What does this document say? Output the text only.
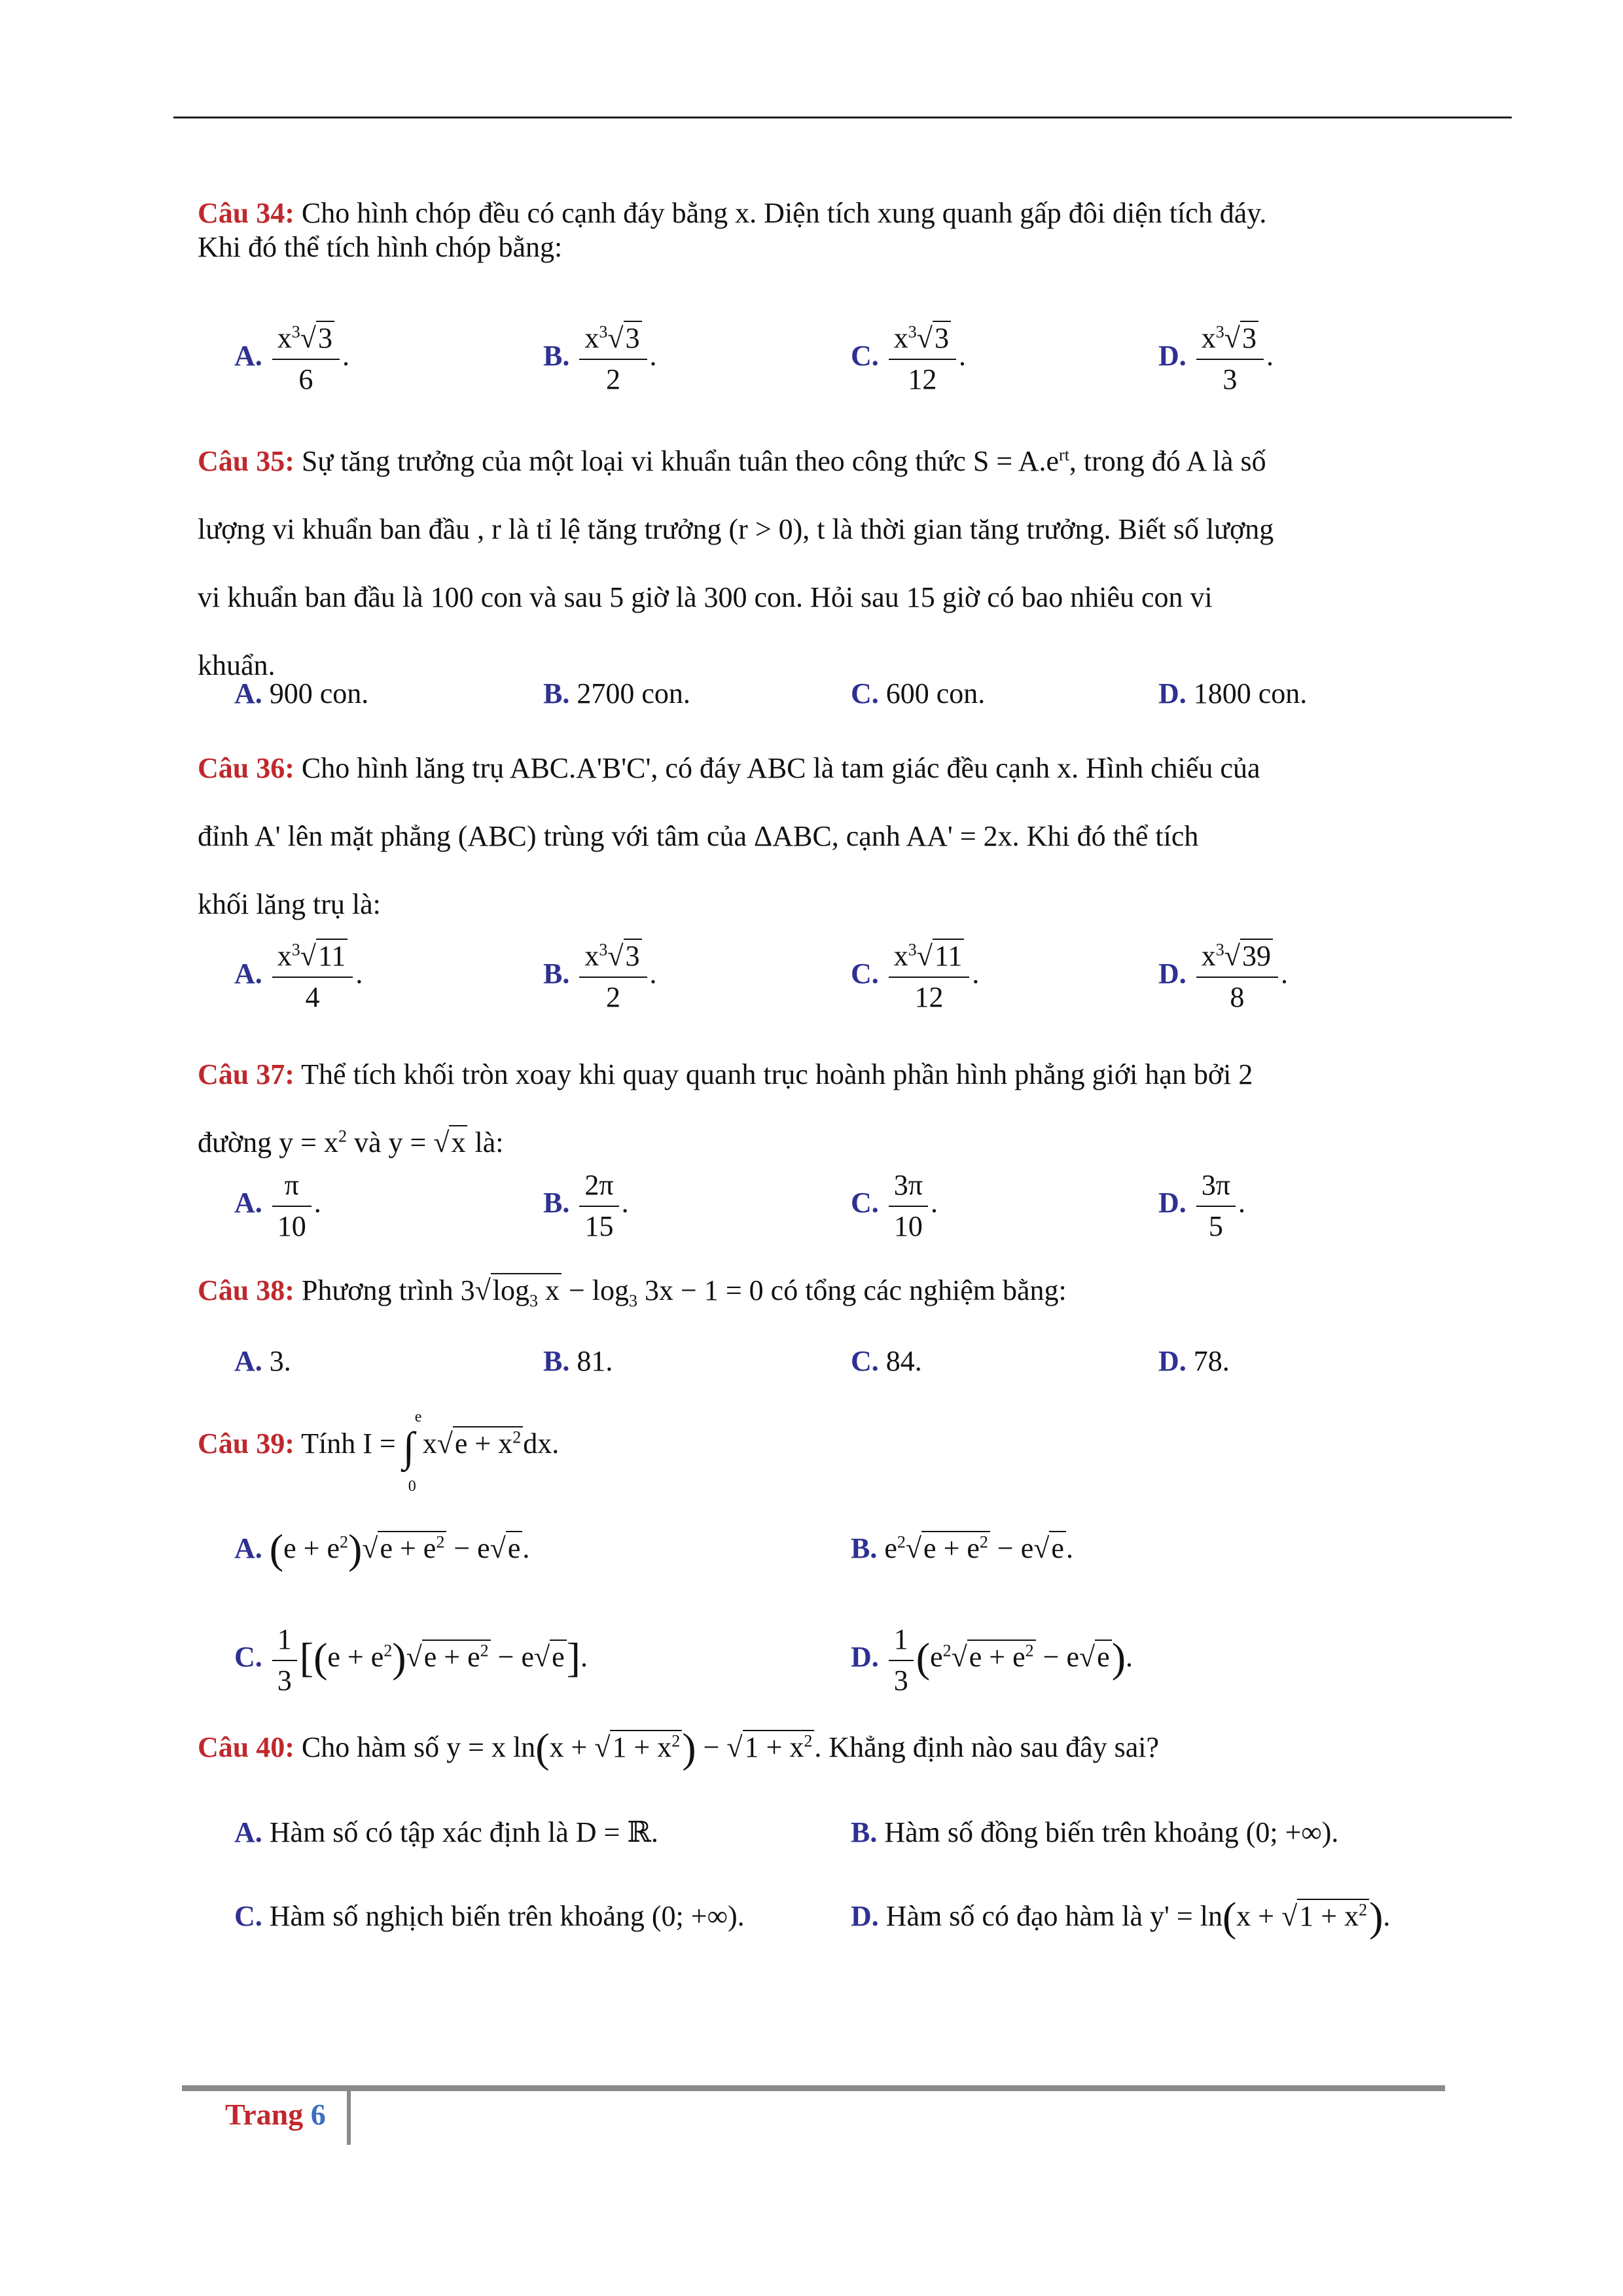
Câu 34: Cho hình chóp đều có cạnh đáy bằng x. Diện tích xung quanh gấp đôi diện tích đáy.
Khi đó thể tích hình chóp bằng:
A. $\frac{x^3√3}{6}$ .	B. $\frac{x^3√3}{2}$ .	C. $\frac{x^3√3}{12}$ .	D. $\frac{x^3√3}{3}$ .
Câu 35: Sự tăng trưởng của một loại vi khuẩn tuân theo công thức $S = A.e^{rt}$, trong đó A là số
lượng vi khuẩn ban đầu , r là tỉ lệ tăng trưởng (r > 0), t là thời gian tăng trưởng. Biết số lượng
vi khuẩn ban đầu là 100 con và sau 5 giờ là 300 con. Hỏi sau 15 giờ có bao nhiêu con vi
khuẩn.
A. 900 con.	B. 2700 con.	C. 600 con.	D. 1800 con.
Câu 36: Cho hình lăng trụ ABC.A'B'C', có đáy ABC là tam giác đều cạnh x. Hình chiếu của
đỉnh A' lên mặt phẳng (ABC) trùng với tâm của ΔABC, cạnh AA' = 2x. Khi đó thể tích
khối lăng trụ là:
A. $\frac{x^3√11}{4}$ .	B. $\frac{x^3√3}{2}$ .	C. $\frac{x^3√11}{12}$ .	D. $\frac{x^3√39}{8}$ .
Câu 37: Thể tích khối tròn xoay khi quay quanh trục hoành phần hình phẳng giới hạn bởi 2
đường $y = x^2$ và y = √x là:
A. $\frac{\pi}{10}$ .	B. $\frac{2\pi}{15}$ .	C. $\frac{3\pi}{10}$ .	D. $\frac{3\pi}{5}$ .
Câu 38: Phương trình $3√\log_3$ $x - \log_3 3x - 1 = 0$ có tổng các nghiệm bằng:
A. 3.	B. 81.	C. 84.	D. 78.
Câu 39: Tính I = ∫
e
0
$x√e + x^2dx$.
A. $(e + e^2)√e + e^2 - e√e$.	B. $e^2√e + e^2 - e√e$.
C. $\frac{1}{3} [(e + e^2)√e + e^2 - e√e]$.	D. $\frac{1}{3} (e^2√e + e^2 - e√e)$.
Câu 40: Cho hàm số y = x $\ln(x + √1 + x^2) - √1 + x^2$. Khẳng định nào sau đây sai?
A. Hàm số có tập xác định là D = ℝ.	B. Hàm số đồng biến trên khoảng (0; +∞).
C. Hàm số nghịch biến trên khoảng (0; +∞).	D. Hàm số có đạo hàm là $y' = \ln(x + √1 + x^2)$.
Trang 6
